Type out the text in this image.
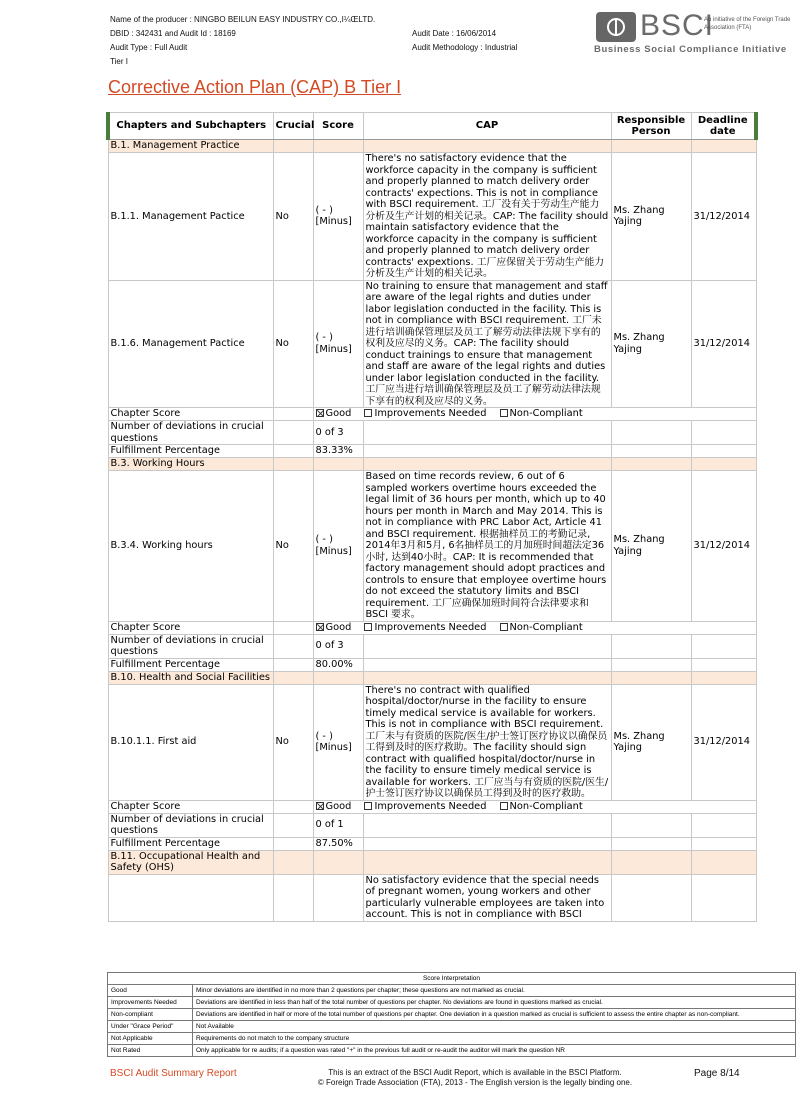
Name of the producer : NINGBO BEILUN EASY INDUSTRY CO.,I¼ŒLTD.
DBID : 342431 and Audit Id : 18169
Audit Type : Full Audit
Tier I
Audit Date : 16/06/2014
Audit Methodology : Industrial
BSCI
An initiative of the Foreign Trade Association (FTA)
Business Social Compliance Initiative
Corrective Action Plan (CAP) B Tier I
Chapters and Subchapters	Crucial	Score	CAP	Responsible Person	Deadline date
B.1. Management Practice					
B.1.1. Management Pactice	No	( - ) [Minus]	There's no satisfactory evidence that the workforce capacity in the company is sufficient and properly planned to match delivery order contracts' expections. This is not in compliance with BSCI requirement. 工厂没有关于劳动生产能力分析及生产计划的相关记录。CAP: The facility should maintain satisfactory evidence that the workforce capacity in the company is sufficient and properly planned to match delivery order contracts' expextions. 工厂应保留关于劳动生产能力分析及生产计划的相关记录。	Ms. Zhang Yajing	31/12/2014
B.1.6. Management Pactice	No	( - ) [Minus]	No training to ensure that management and staff are aware of the legal rights and duties under labor legislation conducted in the facility. This is not in compliance with BSCI requirement. 工厂未进行培训确保管理层及员工了解劳动法律法规下享有的权利及应尽的义务。CAP: The facility should conduct trainings to ensure that management and staff are aware of the legal rights and duties under labor legislation conducted in the facility. 工厂应当进行培训确保管理层及员工了解劳动法律法规下享有的权利及应尽的义务。	Ms. Zhang Yajing	31/12/2014
Chapter Score		Good Improvements Needed Non-Compliant			
Number of deviations in crucial questions		0 of 3			
Fulfillment Percentage		83.33%			
B.3. Working Hours					
B.3.4. Working hours	No	( - ) [Minus]	Based on time records review, 6 out of 6 sampled workers overtime hours exceeded the legal limit of 36 hours per month, which up to 40 hours per month in March and May 2014. This is not in compliance with PRC Labor Act, Article 41 and BSCI requirement. 根据抽样员工的考勤记录, 2014年3月和5月, 6名抽样员工的月加班时间超法定36小时, 达到40小时。CAP: It is recommended that factory management should adopt practices and controls to ensure that employee overtime hours do not exceed the statutory limits and BSCI requirement. 工厂应确保加班时间符合法律要求和BSCI 要求。	Ms. Zhang Yajing	31/12/2014
Chapter Score		Good Improvements Needed Non-Compliant			
Number of deviations in crucial questions		0 of 3			
Fulfillment Percentage		80.00%			
B.10. Health and Social Facilities					
B.10.1.1. First aid	No	( - ) [Minus]	There's no contract with qualified hospital/doctor/nurse in the facility to ensure timely medical service is available for workers. This is not in compliance with BSCI requirement. 工厂未与有资质的医院/医生/护士签订医疗协议以确保员工得到及时的医疗救助。The facility should sign contract with qualified hospital/doctor/nurse in the facility to ensure timely medical service is available for workers. 工厂应当与有资质的医院/医生/护士签订医疗协议以确保员工得到及时的医疗救助。	Ms. Zhang Yajing	31/12/2014
Chapter Score		Good Improvements Needed Non-Compliant			
Number of deviations in crucial questions		0 of 1			
Fulfillment Percentage		87.50%			
B.11. Occupational Health and Safety (OHS)					
			No satisfactory evidence that the special needs of pregnant women, young workers and other particularly vulnerable employees are taken into account. This is not in compliance with BSCI		
Score Interpretation	
Good	Minor deviations are identified in no more than 2 questions per chapter; these questions are not marked as crucial.
Improvements Needed	Deviations are identified in less than half of the total number of questions per chapter. No deviations are found in questions marked as crucial.
Non-compliant	Deviations are identified in half or more of the total number of questions per chapter. One deviation in a question marked as crucial is sufficient to assess the entire chapter as non-compliant.
Under "Grace Period"	Not Available
Not Applicable	Requirements do not match to the company structure
Not Rated	Only applicable for re audits; if a question was rated "+" in the previous full audit or re-audit the auditor will mark the question NR
BSCI Audit Summary Report	This is an extract of the BSCI Audit Report, which is available in the BSCI Platform.
© Foreign Trade Association (FTA), 2013 - The English version is the legally binding one.
Page 8/14
